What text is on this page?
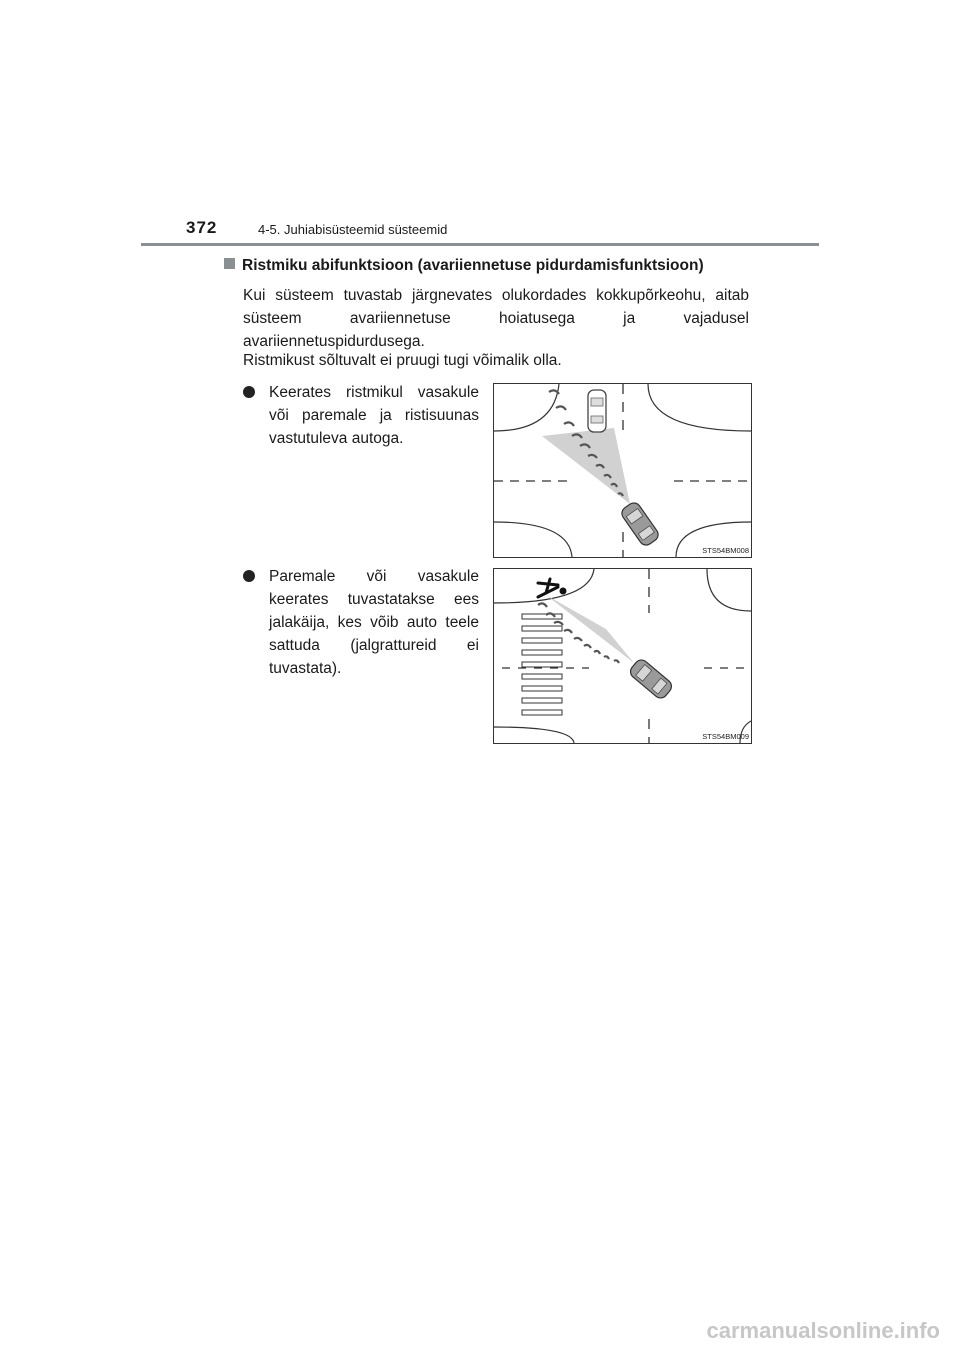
372	4-5. Juhiabisüsteemid süsteemid
Ristmiku abifunktsioon (avariiennetuse pidurdamisfunktsioon)
Kui süsteem tuvastab järgnevates olukordades kokkupõrkeohu, aitab süsteem avariiennetuse hoiatusega ja vajadusel avariiennetuspidurdusega.
Ristmikust sõltuvalt ei pruugi tugi võimalik olla.
Keerates ristmikul vasakule või paremale ja ristisuunas vastutuleva autoga.
STS54BM008
Paremale või vasakule keerates tuvastatakse ees jalakäija, kes võib auto teele sattuda (jalgrattureid ei tuvastata).
STS54BM009
carmanualsonline.info
